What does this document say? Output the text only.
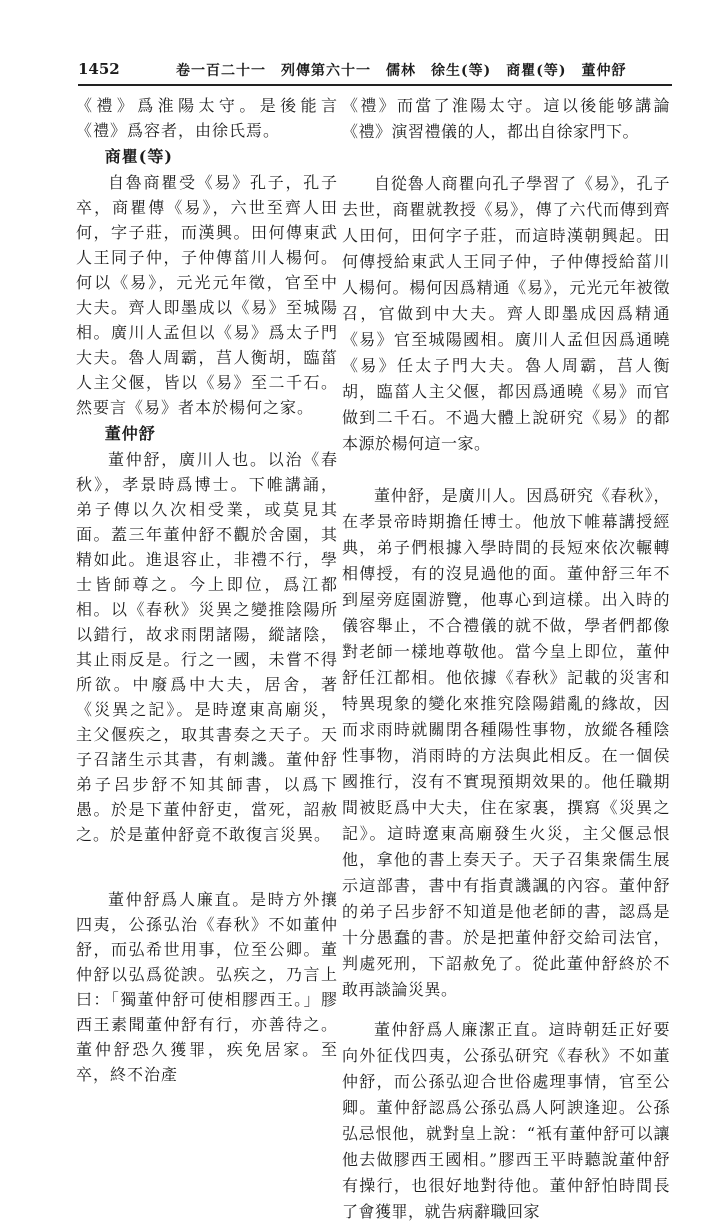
1452	卷一百二十一　列傳第六十一　儒林　徐生(等)　商瞿(等)　董仲舒

《禮》爲淮陽太守。是後能言《禮》爲容者，由徐氏焉。

商瞿(等)

自魯商瞿受《易》孔子，孔子卒，商瞿傳《易》，六世至齊人田何，字子莊，而漢興。田何傳東武人王同子仲，子仲傳菑川人楊何。何以《易》，元光元年徵，官至中大夫。齊人即墨成以《易》至城陽相。廣川人孟但以《易》爲太子門大夫。魯人周霸，莒人衡胡，臨菑人主父偃，皆以《易》至二千石。然要言《易》者本於楊何之家。

董仲舒

董仲舒，廣川人也。以治《春秋》，孝景時爲博士。下帷講誦，弟子傳以久次相受業，或莫見其面。蓋三年董仲舒不觀於舍園，其精如此。進退容止，非禮不行，學士皆師尊之。今上即位，爲江都相。以《春秋》災異之變推陰陽所以錯行，故求雨閉諸陽，縱諸陰，其止雨反是。行之一國，未嘗不得所欲。中廢爲中大夫，居舍，著《災異之記》。是時遼東高廟災，主父偃疾之，取其書奏之天子。天子召諸生示其書，有刺譏。董仲舒弟子呂步舒不知其師書，以爲下愚。於是下董仲舒吏，當死，詔赦之。於是董仲舒竟不敢復言災異。

董仲舒爲人廉直。是時方外攘四夷，公孫弘治《春秋》不如董仲舒，而弘希世用事，位至公卿。董仲舒以弘爲從諛。弘疾之，乃言上曰：「獨董仲舒可使相膠西王。」膠西王素聞董仲舒有行，亦善待之。董仲舒恐久獲罪，疾免居家。至卒，終不治產

《禮》而當了淮陽太守。這以後能够講論《禮》演習禮儀的人，都出自徐家門下。

自從魯人商瞿向孔子學習了《易》，孔子去世，商瞿就教授《易》，傳了六代而傳到齊人田何，田何字子莊，而這時漢朝興起。田何傳授給東武人王同子仲，子仲傳授給菑川人楊何。楊何因爲精通《易》，元光元年被徵召，官做到中大夫。齊人即墨成因爲精通《易》官至城陽國相。廣川人孟但因爲通曉《易》任太子門大夫。魯人周霸，莒人衡胡，臨菑人主父偃，都因爲通曉《易》而官做到二千石。不過大體上說研究《易》的都本源於楊何這一家。

董仲舒，是廣川人。因爲研究《春秋》，在孝景帝時期擔任博士。他放下帷幕講授經典，弟子們根據入學時間的長短來依次輾轉相傳授，有的沒見過他的面。董仲舒三年不到屋旁庭園游覽，他專心到這樣。出入時的儀容舉止，不合禮儀的就不做，學者們都像對老師一樣地尊敬他。當今皇上即位，董仲舒任江都相。他依據《春秋》記載的災害和特異現象的變化來推究陰陽錯亂的緣故，因而求雨時就關閉各種陽性事物，放縱各種陰性事物，消雨時的方法與此相反。在一個侯國推行，沒有不實現預期效果的。他任職期間被貶爲中大夫，住在家裏，撰寫《災異之記》。這時遼東高廟發生火災，主父偃忌恨他，拿他的書上奏天子。天子召集衆儒生展示這部書，書中有指責譏諷的內容。董仲舒的弟子呂步舒不知道是他老師的書，認爲是十分愚蠢的書。於是把董仲舒交給司法官，判處死刑，下詔赦免了。從此董仲舒終於不敢再談論災異。

董仲舒爲人廉潔正直。這時朝廷正好要向外征伐四夷，公孫弘研究《春秋》不如董仲舒，而公孫弘迎合世俗處理事情，官至公卿。董仲舒認爲公孫弘爲人阿諛逢迎。公孫弘忌恨他，就對皇上說：“衹有董仲舒可以讓他去做膠西王國相。”膠西王平時聽說董仲舒有操行，也很好地對待他。董仲舒怕時間長了會獲罪，就告病辭職回家
